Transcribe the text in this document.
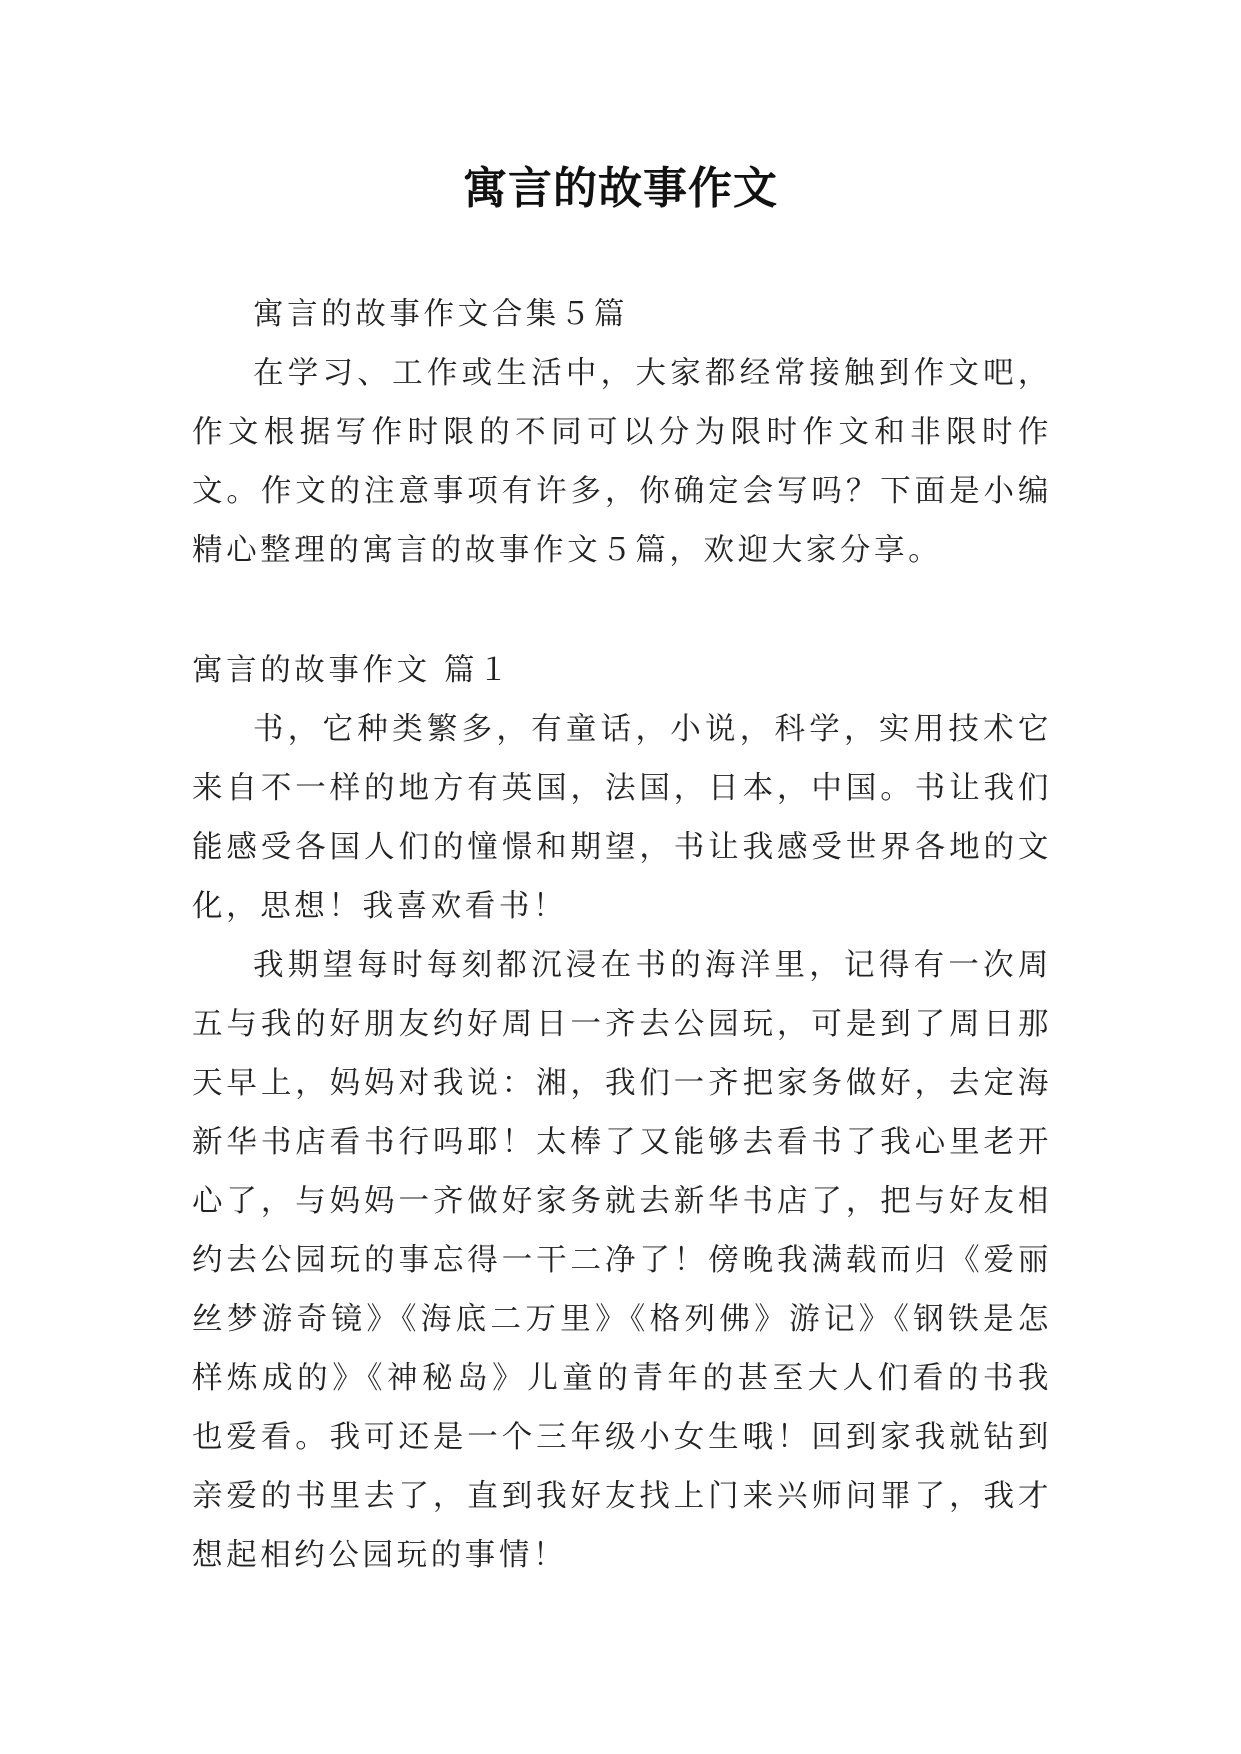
寓言的故事作文

寓言的故事作文合集５篇

在学习、工作或生活中，大家都经常接触到作文吧，作文根据写作时限的不同可以分为限时作文和非限时作文。作文的注意事项有许多，你确定会写吗？下面是小编精心整理的寓言的故事作文５篇，欢迎大家分享。

寓言的故事作文 篇１

书，它种类繁多，有童话，小说，科学，实用技术它来自不一样的地方有英国，法国，日本，中国。书让我们能感受各国人们的憧憬和期望，书让我感受世界各地的文化，思想！我喜欢看书！

我期望每时每刻都沉浸在书的海洋里，记得有一次周五与我的好朋友约好周日一齐去公园玩，可是到了周日那天早上，妈妈对我说：湘，我们一齐把家务做好，去定海新华书店看书行吗耶！太棒了又能够去看书了我心里老开心了，与妈妈一齐做好家务就去新华书店了，把与好友相约去公园玩的事忘得一干二净了！傍晚我满载而归《爱丽丝梦游奇镜》《海底二万里》《格列佛》游记》《钢铁是怎样炼成的》《神秘岛》儿童的青年的甚至大人们看的书我也爱看。我可还是一个三年级小女生哦！回到家我就钻到亲爱的书里去了，直到我好友找上门来兴师问罪了，我才想起相约公园玩的事情！
